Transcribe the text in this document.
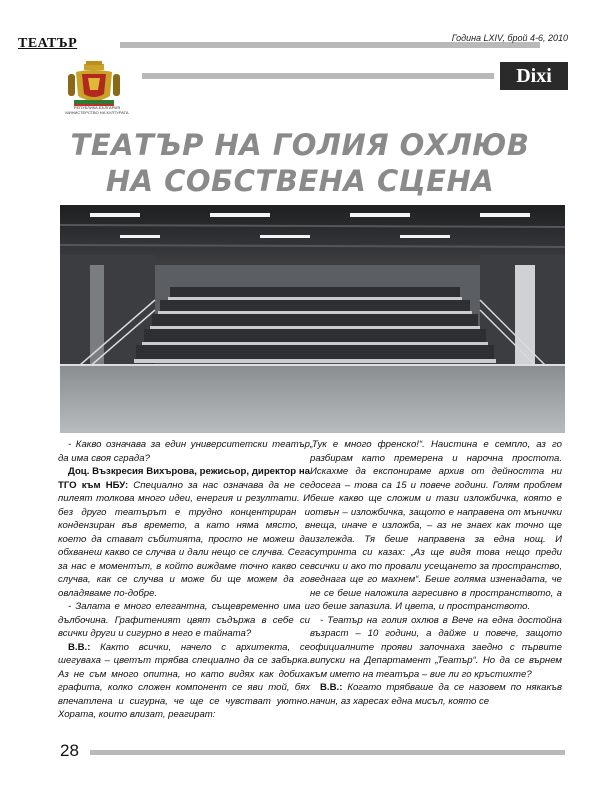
ТЕАТЪР	Година LXIV, брой 4-6, 2010
РЕПУБЛИКА БЪЛГАРИЯ
МИНИСТЕРСТВО НА КУЛТУРАТА
Dixi
ТЕАТЪР НА ГОЛИЯ ОХЛЮВ
НА СОБСТВЕНА СЦЕНА

- Какво означава за един университетски театър да има своя сграда?

Доц. Възкресия Вихърова, режисьор, директор на ТГО към НБУ: Специално за нас означава да не се пилеят толкова много идеи, енергия и резултати. И без друго театърът е трудно концентриран и кондензиран във времето, а като няма място, в което да стават събитията, просто не можеш да обхванеш какво се случва и дали нещо се случва. Сега за нас е моментът, в който виждаме точно какво се случва, как се случва и може би ще можем да го овладяваме по-добре.

- Залата е много елегантна, същевременно има и дълбочина. Графитеният цвят съдържа в себе си всички други и сигурно в него е тайната?

В.В.: Както всички, начело с архитекта, се шегуваха – цветът трябва специално да се забърка. Аз не съм много опитна, но като видях как добиха графита, колко сложен компонент се яви той, бях впечатлена и сигурна, че ще се чувстват уютно. Хората, които влизат, реагират:

„Тук е много френско!“. Наистина е семпло, аз го разбирам като премерена и нарочна простота. Искахме да експонираме архив от дейността ни досега – това са 15 и повече години. Голям проблем беше какво ще сложим и тази изложбичка, която е отвън – изложбичка, защото е направена от мънички неща, иначе е изложба, – аз не знаех как точно ще изглежда. Тя беше направена за една нощ. И сутринта си казах: „Аз ще видя това нещо преди всички и ако то провали усещането за пространство, веднага ще го махнем“. Беше голяма изненадата, че не се беше наложила агресивно в пространството, а го беше запазила. И цвета, и пространството.

- Театър на голия охлюв в Вече на една достойна възраст – 10 години, а дайже и повече, защото официалните прояви започнаха заедно с първите випуски на Департамент „Театър“. Но да се върнем към името на театъра – вие ли го кръстихте?

В.В.: Когато трябваше да се назовем по някакъв начин, аз харесах една мисъл, която се

28
